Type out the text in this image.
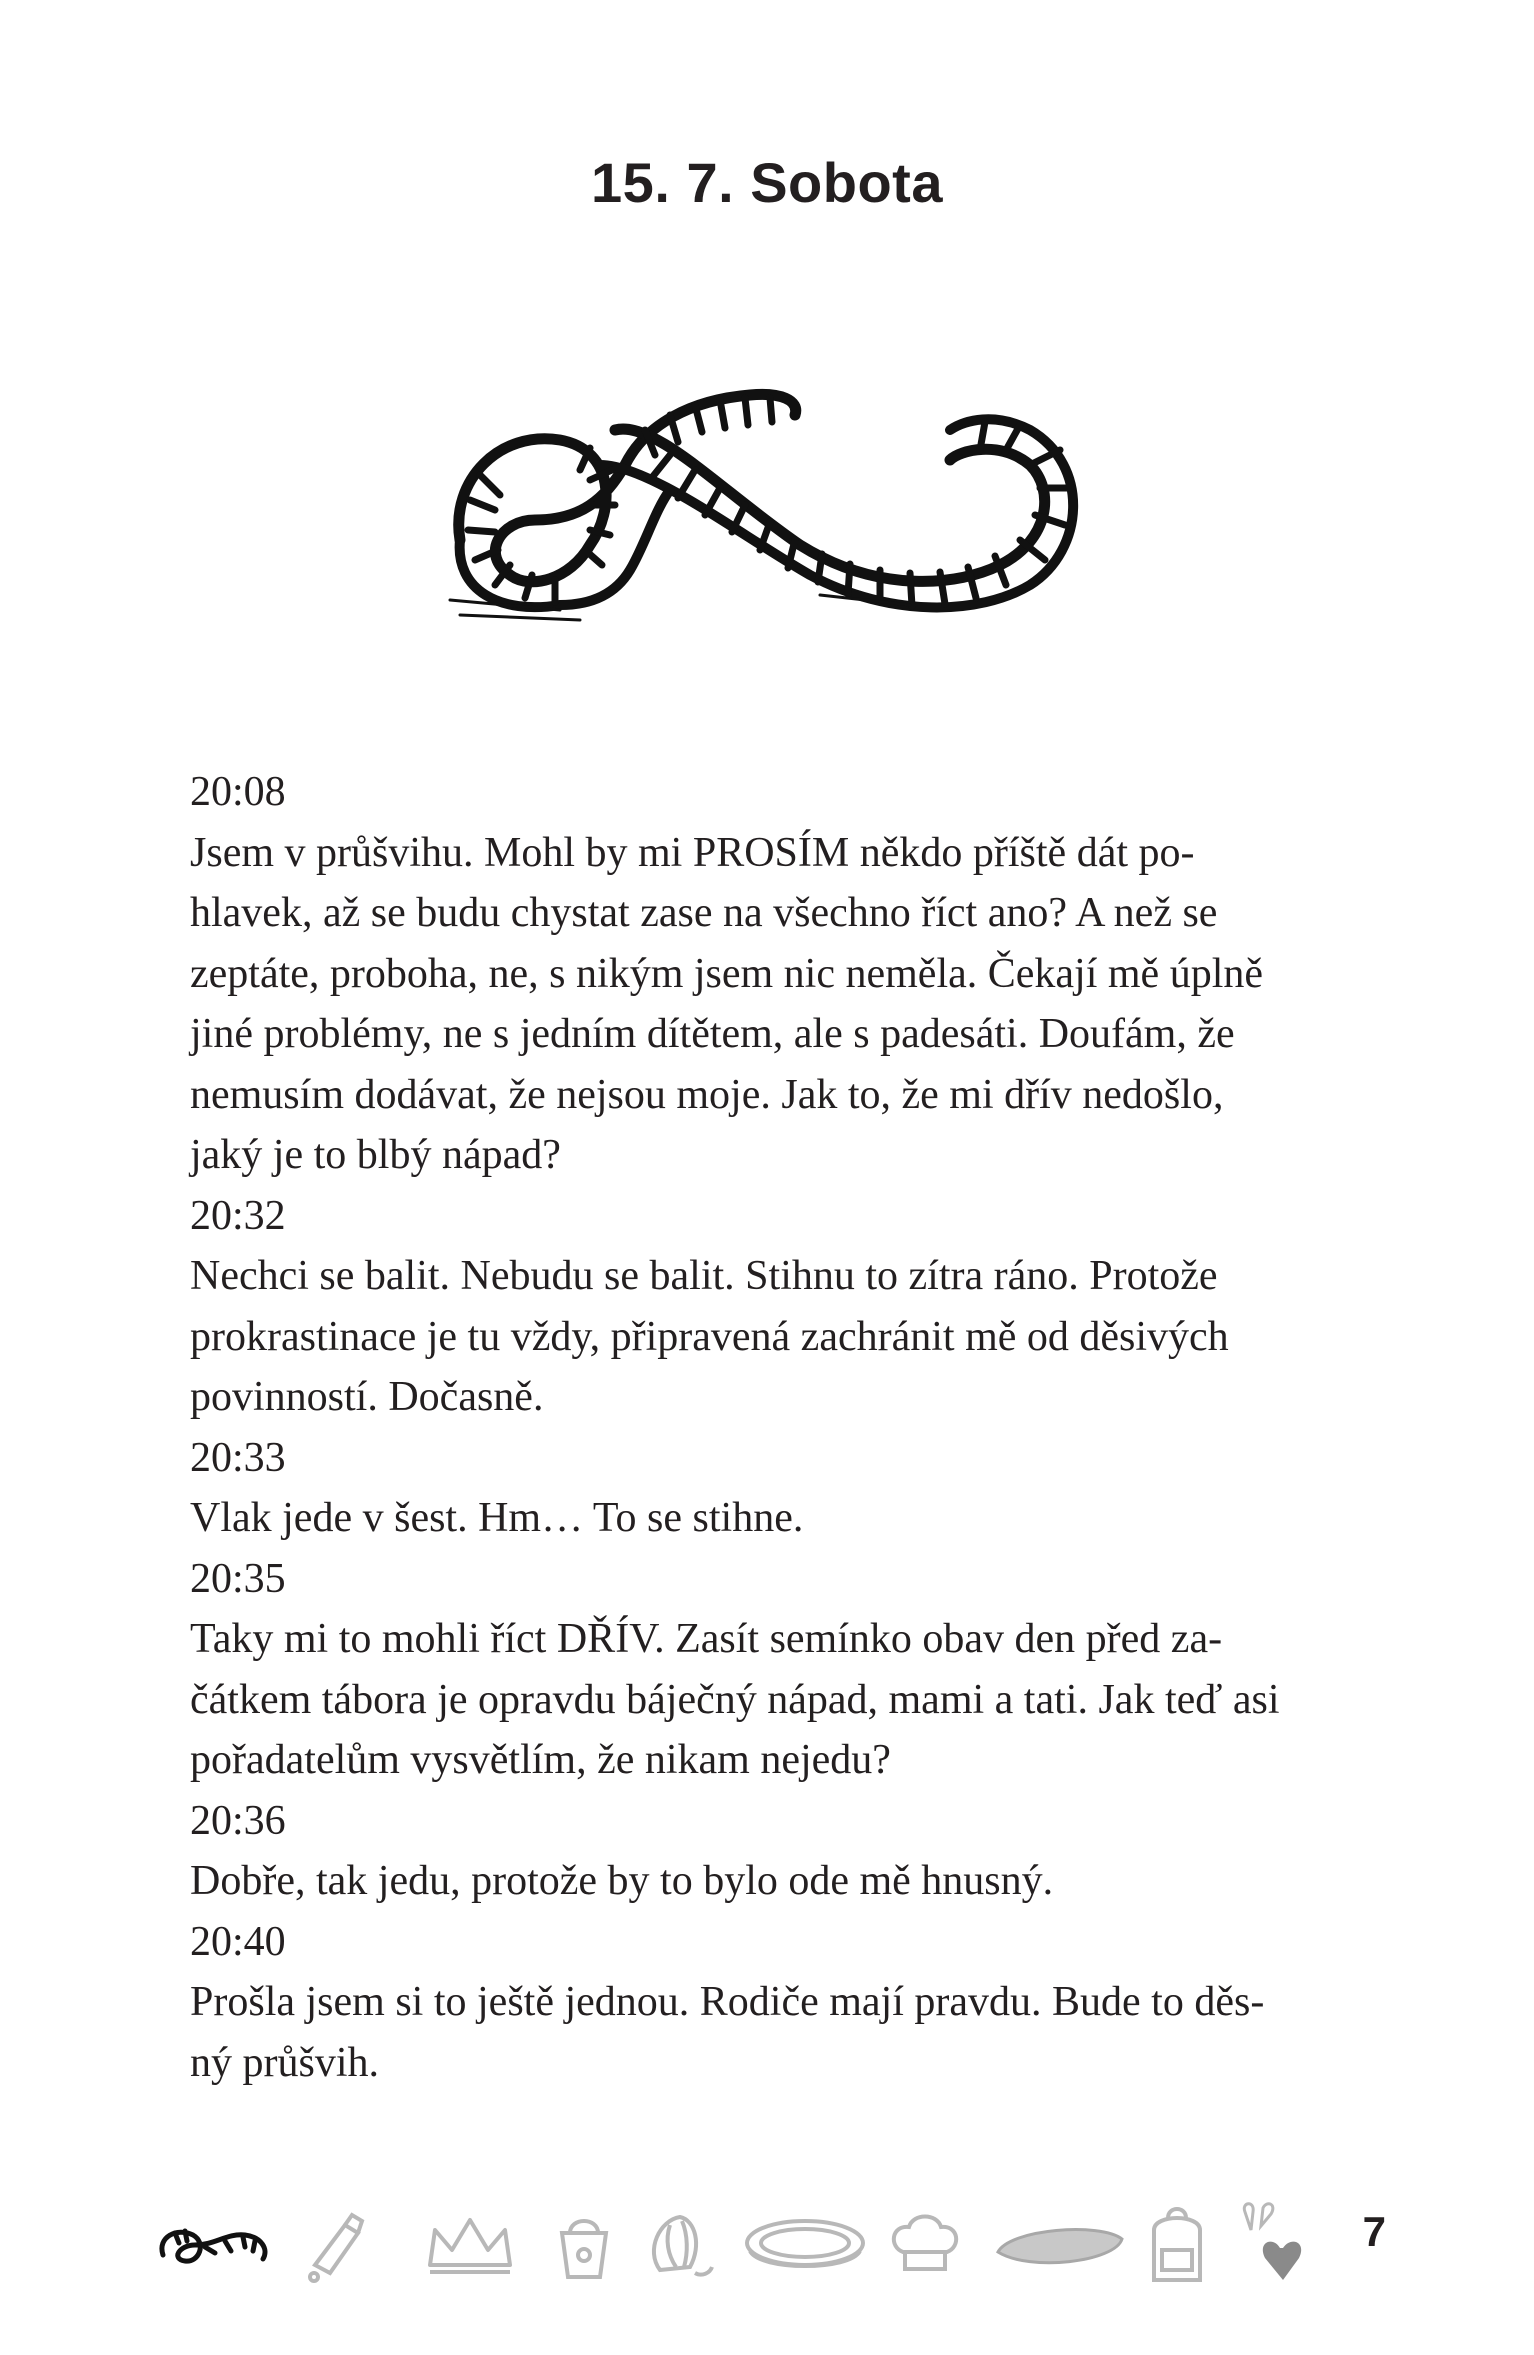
15. 7. Sobota
20:08
Jsem v průšvihu. Mohl by mi PROSÍM někdo příště dát po-
hlavek, až se budu chystat zase na všechno říct ano? A než se
zeptáte, proboha, ne, s nikým jsem nic neměla. Čekají mě úplně
jiné problémy, ne s jedním dítětem, ale s padesáti. Doufám, že
nemusím dodávat, že nejsou moje. Jak to, že mi dřív nedošlo,
jaký je to blbý nápad?
20:32
Nechci se balit. Nebudu se balit. Stihnu to zítra ráno. Protože
prokrastinace je tu vždy, připravená zachránit mě od děsivých
povinností. Dočasně.
20:33
Vlak jede v šest. Hm… To se stihne.
20:35
Taky mi to mohli říct DŘÍV. Zasít semínko obav den před za-
čátkem tábora je opravdu báječný nápad, mami a tati. Jak teď asi
pořadatelům vysvětlím, že nikam nejedu?
20:36
Dobře, tak jedu, protože by to bylo ode mě hnusný.
20:40
Prošla jsem si to ještě jednou. Rodiče mají pravdu. Bude to děs-
ný průšvih.
7
